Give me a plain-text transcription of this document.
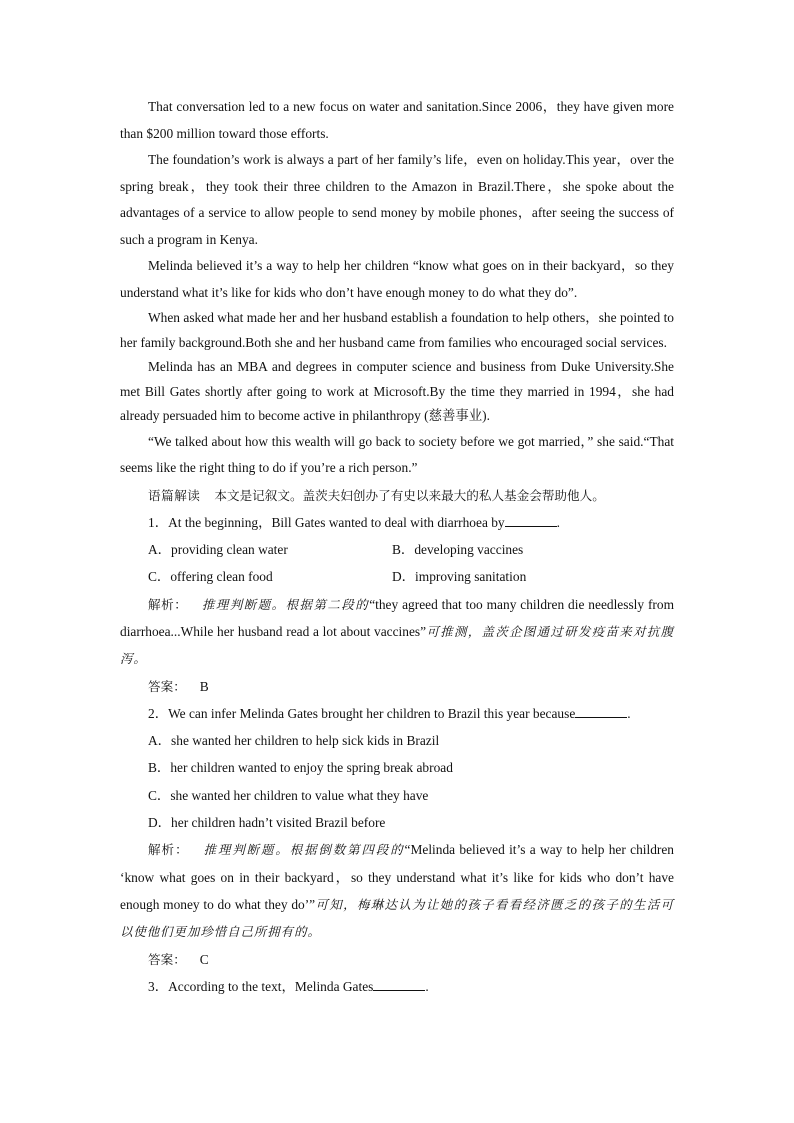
That conversation led to a new focus on water and sanitation.Since 2006，they have given more than $200 million toward those efforts.

The foundation’s work is always a part of her family’s life，even on holiday.This year，over the spring break，they took their three children to the Amazon in Brazil.There，she spoke about the advantages of a service to allow people to send money by mobile phones，after seeing the success of such a program in Kenya.

Melinda believed it’s a way to help her children “know what goes on in their backyard，so they understand what it’s like for kids who don’t have enough money to do what they do”.

When asked what made her and her husband establish a foundation to help others，she pointed to her family background.Both she and her husband came from families who encouraged social services.

Melinda has an MBA and degrees in computer science and business from Duke University.She met Bill Gates shortly after going to work at Microsoft.By the time they married in 1994，she had already persuaded him to become active in philanthropy (慈善事业).

“We talked about how this wealth will go back to society before we got married，” she said.“That seems like the right thing to do if you’re a rich person.”

语篇解读 本文是记叙文。盖茨夫妇创办了有史以来最大的私人基金会帮助他人。

1．At the beginning，Bill Gates wanted to deal with diarrhoea by	.

A．providing clean water	B．developing vaccines
C．offering clean food	D．improving sanitation

解析： 推理判断题。根据第二段的“they agreed that too many children die needlessly from diarrhoea...While her husband read a lot about vaccines”可推测，盖茨企图通过研发疫苗来对抗腹泻。

答案： B

2．We can infer Melinda Gates brought her children to Brazil this year because	.

A．she wanted her children to help sick kids in Brazil

B．her children wanted to enjoy the spring break abroad

C．she wanted her children to value what they have

D．her children hadn’t visited Brazil before

解析： 推理判断题。根据倒数第四段的“Melinda believed it’s a way to help her children ‘know what goes on in their backyard，so they understand what it’s like for kids who don’t have enough money to do what they do’”可知，梅琳达认为让她的孩子看看经济匮乏的孩子的生活可以使他们更加珍惜自己所拥有的。

答案： C

3．According to the text，Melinda Gates	.
